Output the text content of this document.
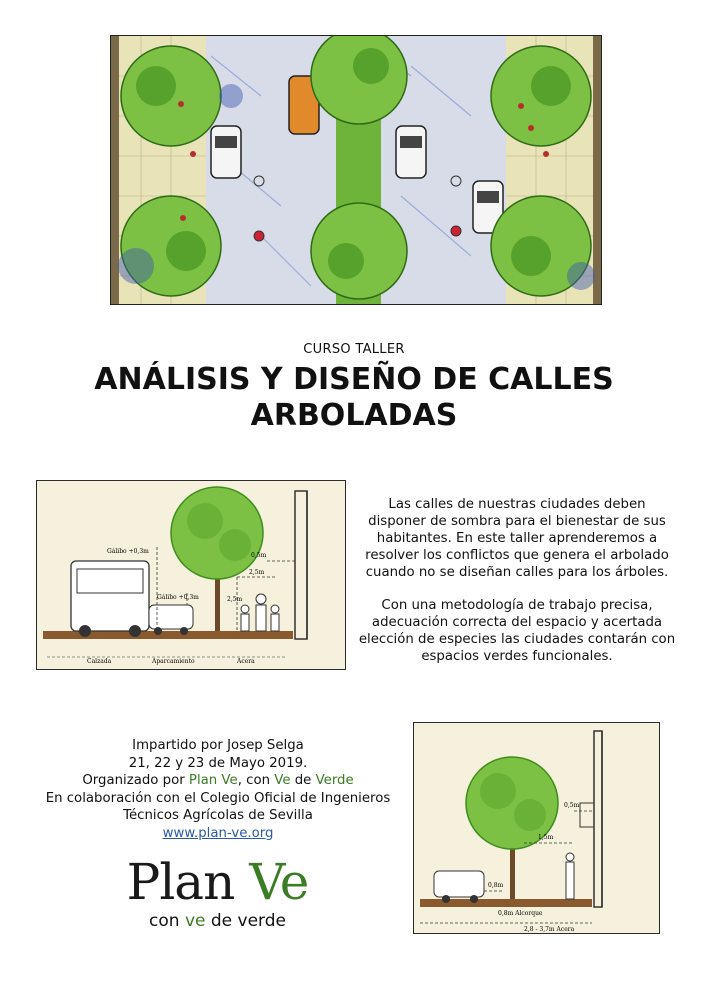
CURSO TALLER
ANÁLISIS Y DISEÑO DE CALLES
ARBOLADAS
Gálibo +0,3m
Gálibo +0,3m
0,5m
2,5m
2,5m
Calzada	Aparcamiento	Acera

Las calles de nuestras ciudades deben disponer de sombra para el bienestar de sus habitantes. En este taller aprenderemos a resolver los conflictos que genera el arbolado cuando no se diseñan calles para los árboles.

Con una metodología de trabajo precisa, adecuación correcta del espacio y acertada elección de especies las ciudades contarán con espacios verdes funcionales.

Impartido por Josep Selga
21, 22 y 23 de Mayo 2019.
Organizado por Plan Ve, con Ve de Verde
En colaboración con el Colegio Oficial de Ingenieros
Técnicos Agrícolas de Sevilla
www.plan-ve.org
0,5m
1,5m
0,8m
0,8m Alcorque
2,8 - 3,7m Acera
Plan Ve
con ve de verde
